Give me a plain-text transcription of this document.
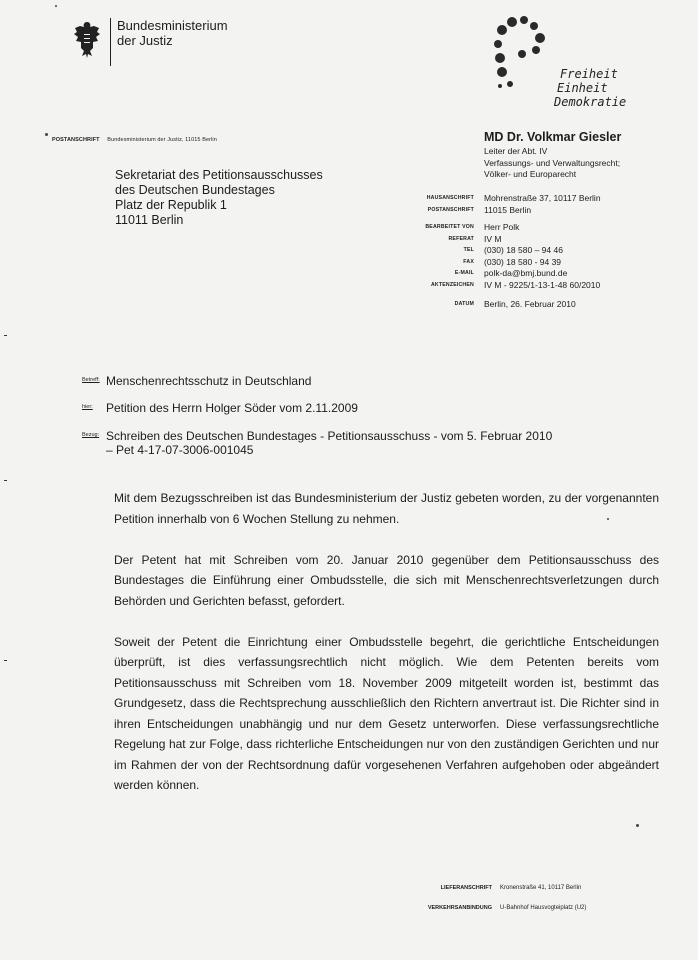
Bundesministerium
der Justiz
Freiheit
Einheit
Demokratie
POSTANSCHRIFT Bundesministerium der Justiz, 11015 Berlin
Sekretariat des Petitionsausschusses
des Deutschen Bundestages
Platz der Republik 1
11011 Berlin
MD Dr. Volkmar Giesler
Leiter der Abt. IV
Verfassungs- und Verwaltungsrecht;
Völker- und Europarecht
HAUSANSCHRIFT	Mohrenstraße 37, 10117 Berlin
POSTANSCHRIFT	11015 Berlin
BEARBEITET VON	Herr Polk
REFERAT	IV M
TEL	(030) 18 580 – 94 46
FAX	(030) 18 580 - 94 39
E-MAIL	polk-da@bmj.bund.de
AKTENZEICHEN	IV M - 9225/1-13-1-48 60/2010
DATUM	Berlin, 26. Februar 2010
Betreff: Menschenrechtsschutz in Deutschland
hier:	Petition des Herrn Holger Söder vom 2.11.2009
Bezug: Schreiben des Deutschen Bundestages - Petitionsausschuss - vom 5. Februar 2010
– Pet 4-17-07-3006-001045

Mit dem Bezugsschreiben ist das Bundesministerium der Justiz gebeten worden, zu der vorgenannten Petition innerhalb von 6 Wochen Stellung zu nehmen.

Der Petent hat mit Schreiben vom 20. Januar 2010 gegenüber dem Petitionsausschuss des Bundestages die Einführung einer Ombudsstelle, die sich mit Menschenrechtsverletzungen durch Behörden und Gerichten befasst, gefordert.

Soweit der Petent die Einrichtung einer Ombudsstelle begehrt, die gerichtliche Entscheidungen überprüft, ist dies verfassungsrechtlich nicht möglich. Wie dem Petenten bereits vom Petitionsausschuss mit Schreiben vom 18. November 2009 mitgeteilt worden ist, bestimmt das Grundgesetz, dass die Rechtsprechung ausschließlich den Richtern anvertraut ist. Die Richter sind in ihren Entscheidungen unabhängig und nur dem Gesetz unterworfen. Diese verfassungsrechtliche Regelung hat zur Folge, dass richterliche Entscheidungen nur von den zuständigen Gerichten und nur im Rahmen der von der Rechtsordnung dafür vorgesehenen Verfahren aufgehoben oder abgeändert werden können.

LIEFERANSCHRIFT	Kronenstraße 41, 10117 Berlin
VERKEHRSANBINDUNG	U-Bahnhof Hausvogteiplatz (U2)
